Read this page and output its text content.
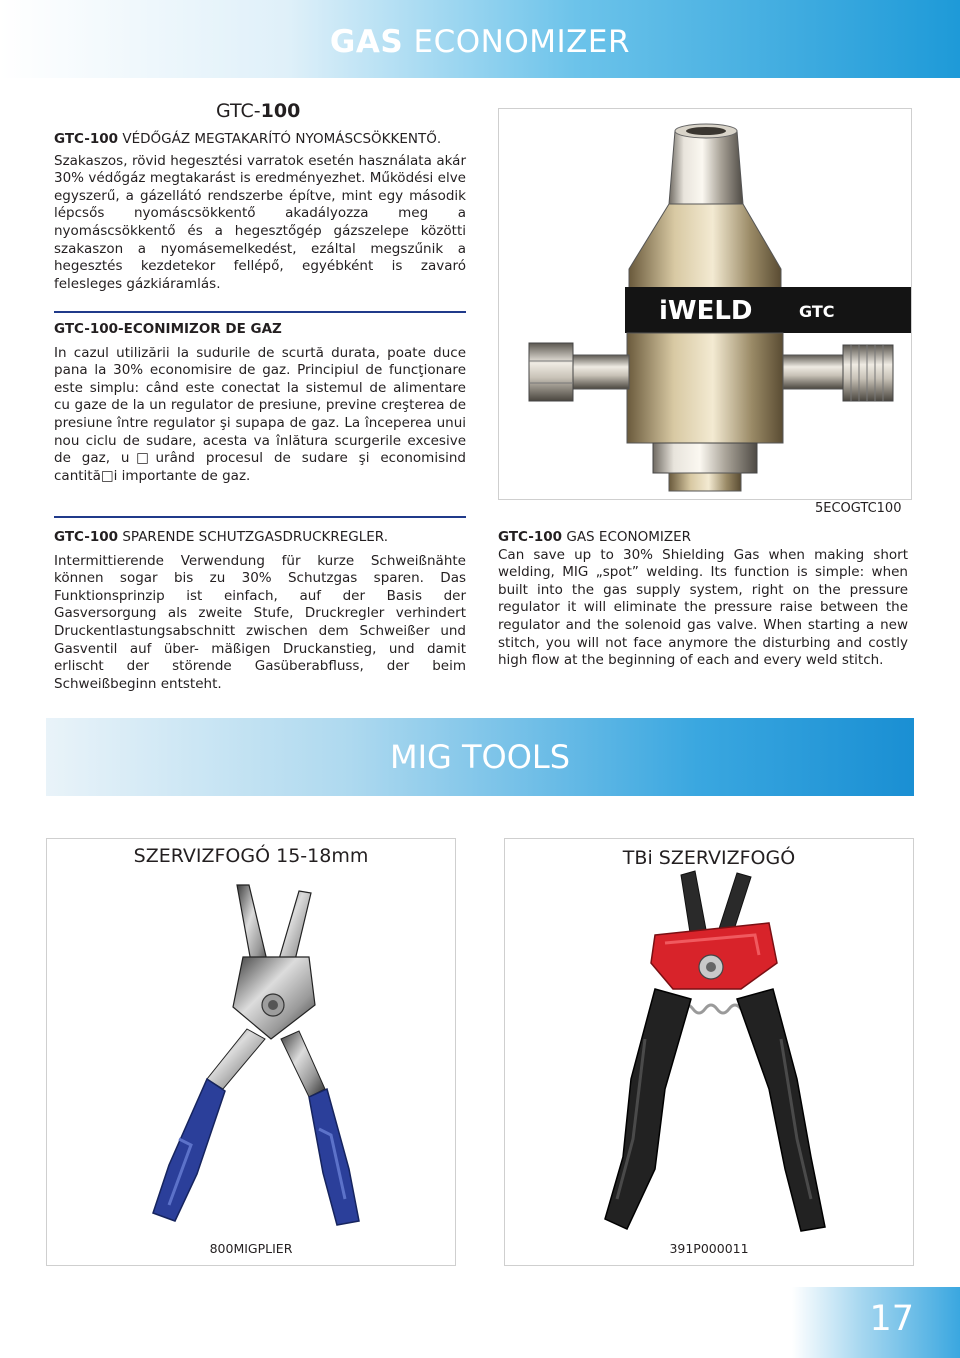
GAS ECONOMIZER
GTC-100
GTC-100 VÉDŐGÁZ MEGTAKARÍTÓ NYOMÁSCSÖKKENTŐ.
Szakaszos, rövid hegesztési varratok esetén használata akár 30% védőgáz megtakarást is eredményezhet. Működési elve egyszerű, a gázellátó rendszerbe építve, mint egy második lépcsős nyomáscsökkentő akadályozza meg a nyomáscsökkentő és a hegesztőgép gázszelepe közötti szakaszon a nyomásemelkedést, ezáltal megszűnik a hegesztés kezdetekor fellépő, egyébként is zavaró felesleges gázkiáramlás.
GTC-100-ECONIMIZOR DE GAZ
In cazul utilizării la sudurile de scurtă durata, poate duce pana la 30% economisire de gaz. Principiul de funcţionare este simplu: când este conectat la sistemul de alimentare cu gaze de la un regulator de presiune, previne creşterea de presiune între regulator şi supapa de gaz. La începerea unui nou ciclu de sudare, acesta va înlătura scurgerile excesive de gaz, u□urând procesul de sudare şi economisind cantită□i importante de gaz.
GTC-100 SPARENDE SCHUTZGASDRUCKREGLER.
Intermittierende Verwendung für kurze Schweißnähte können sogar bis zu 30% Schutzgas sparen. Das Funktionsprinzip ist einfach, auf der Basis der Gasversorgung als zweite Stufe, Druckregler verhindert Druckentlastungsabschnitt zwischen dem Schweißer und Gasventil auf über- mäßigen Druckanstieg, und damit erlischt der störende Gasüberabfluss, der beim Schweißbeginn entsteht.
GTC-100 GAS ECONOMIZER
Can save up to 30% Shielding Gas when making short welding, MIG „spot” welding. Its function is simple: when built into the gas supply system, right on the pressure regulator it will eliminate the pressure raise between the regulator and the solenoid gas valve. When starting a new stitch, you will not face anymore the disturbing and costly high flow at the beginning of each and every weld stitch.
iWELD	GTC
5ECOGTC100
MIG TOOLS
SZERVIZFOGÓ 15-18mm
800MIGPLIER
TBi SZERVIZFOGÓ
391P000011
17
